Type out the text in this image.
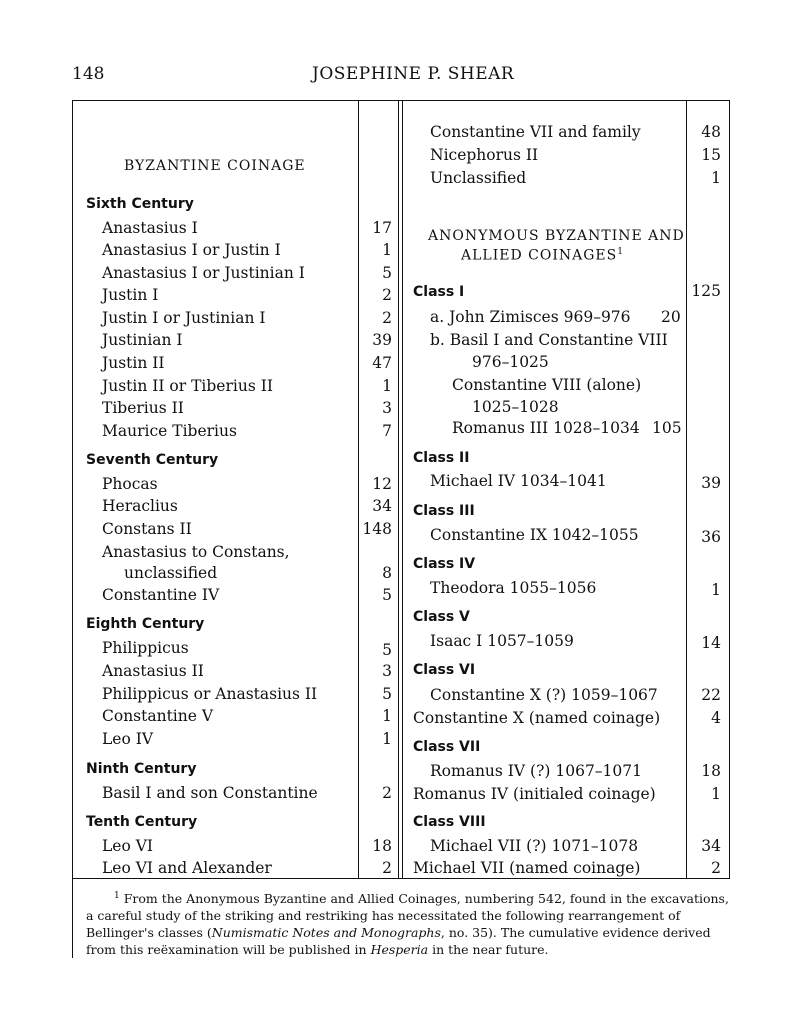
148	JOSEPHINE P. SHEAR
BYZANTINE COINAGE
Sixth Century
Anastasius I	17
Anastasius I or Justin I	1
Anastasius I or Justinian I	5
Justin I	2
Justin I or Justinian I	2
Justinian I	39
Justin II	47
Justin II or Tiberius II	1
Tiberius II	3
Maurice Tiberius	7
Seventh Century
Phocas	12
Heraclius	34
Constans II	148
Anastasius to Constans,
unclassified	8
Constantine IV	5
Eighth Century
Philippicus	5
Anastasius II	3
Philippicus or Anastasius II	5
Constantine V	1
Leo IV	1
Ninth Century
Basil I and son Constantine	2
Tenth Century
Leo VI	18
Leo VI and Alexander	2
Constantine VII and family	48
Nicephorus II	15
Unclassified	1
ANONYMOUS BYZANTINE AND
ALLIED COINAGES$^1$
Class I	125
a. John Zimisces 969–976 20
b. Basil I and Constantine VIII
976–1025
Constantine VIII (alone)
1025–1028
Romanus III 1028–1034 105
Class II
Michael IV 1034–1041	39
Class III
Constantine IX 1042–1055	36
Class IV
Theodora 1055–1056	1
Class V
Isaac I 1057–1059	14
Class VI
Constantine X (?) 1059–1067	22
Constantine X (named coinage)	4
Class VII
Romanus IV (?) 1067–1071	18
Romanus IV (initialed coinage)	1
Class VIII
Michael VII (?) 1071–1078	34
Michael VII (named coinage)	2
$^1$ From the Anonymous Byzantine and Allied Coinages, numbering 542, found in the excavations,
a careful study of the striking and restriking has necessitated the following rearrangement of
Bellinger's classes (Numismatic Notes and Monographs, no. 35). The cumulative evidence derived
from this reëxamination will be published in Hesperia in the near future.
